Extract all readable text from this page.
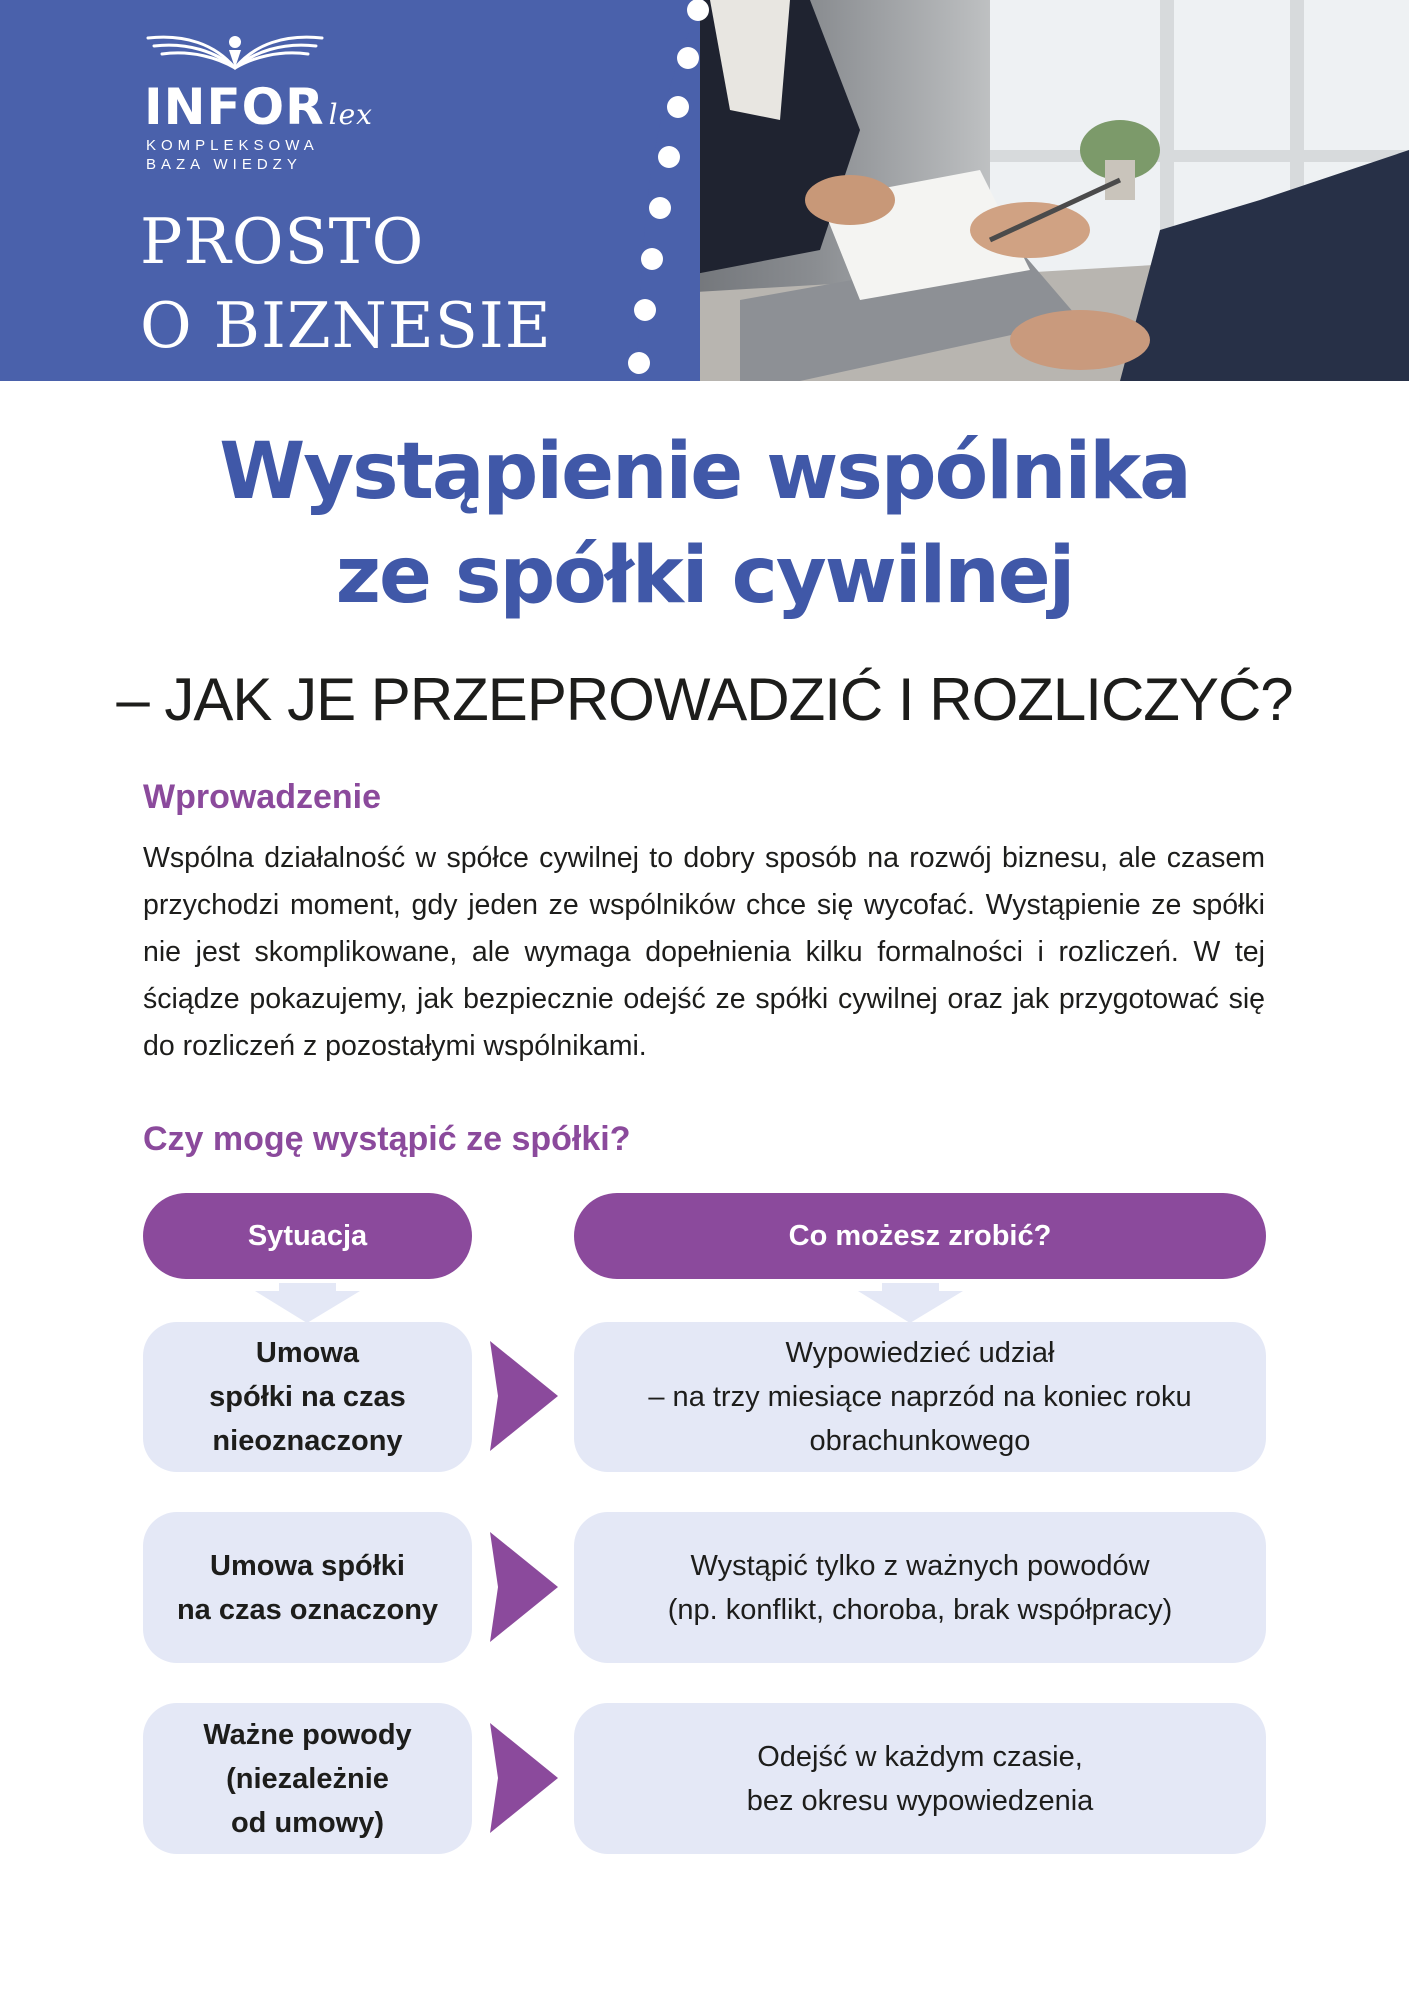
INFOR lex
KOMPLEKSOWA
BAZA WIEDZY
PROSTO
O BIZNESIE
Wystąpienie wspólnika
ze spółki cywilnej
– JAK JE PRZEPROWADZIĆ I ROZLICZYĆ?
Wprowadzenie

Wspólna działalność w spółce cywilnej to dobry sposób na rozwój biznesu, ale czasem przychodzi moment, gdy jeden ze wspólników chce się wycofać. Wystąpienie ze spółki nie jest skomplikowane, ale wymaga dopełnienia kilku formalności i rozliczeń. W tej ściądze pokazujemy, jak bezpiecznie odejść ze spółki cywilnej oraz jak przygotować się do rozliczeń z pozostałymi wspólnikami.

Czy mogę wystąpić ze spółki?
Sytuacja	Co możesz zrobić?
Umowa
spółki na czas
nieoznaczony
Wypowiedzieć udział
– na trzy miesiące naprzód na koniec roku
obrachunkowego
Umowa spółki
na czas oznaczony
Wystąpić tylko z ważnych powodów
(np. konflikt, choroba, brak współpracy)
Ważne powody
(niezależnie
od umowy)
Odejść w każdym czasie,
bez okresu wypowiedzenia
